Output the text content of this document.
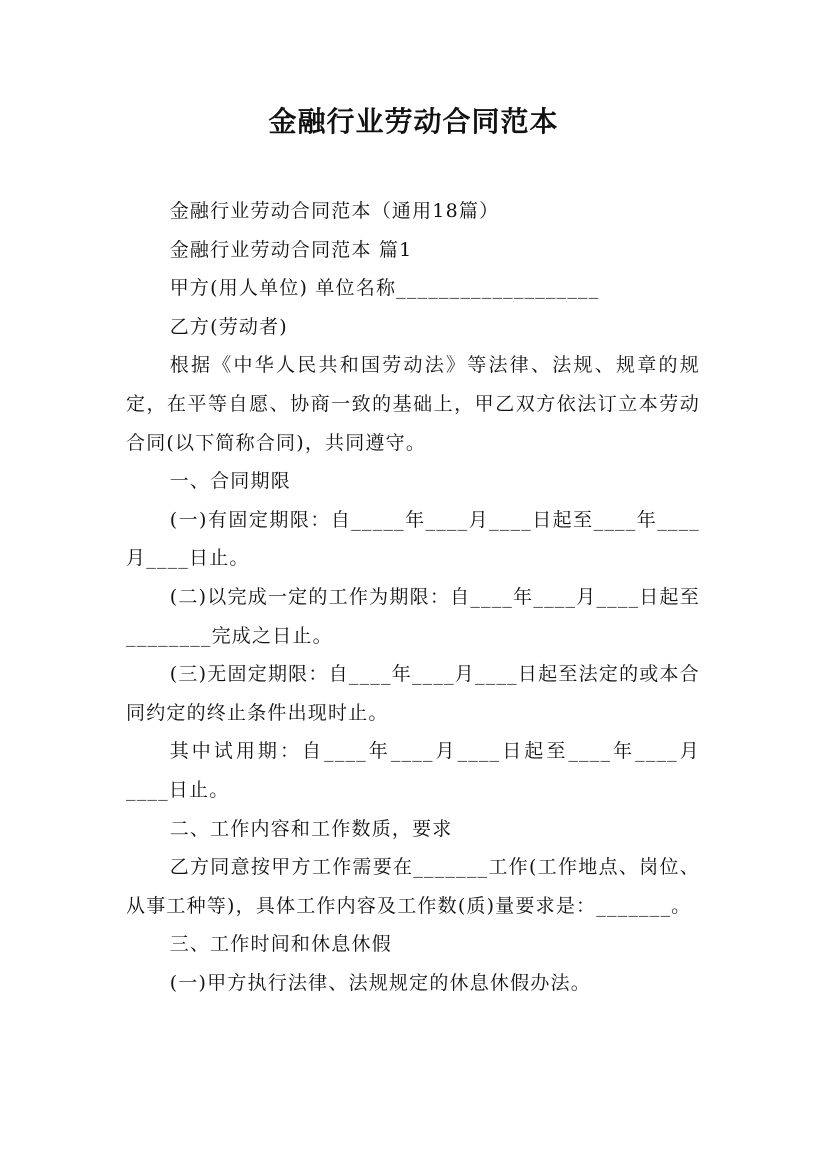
金融行业劳动合同范本

金融行业劳动合同范本（通用18篇）

金融行业劳动合同范本 篇1

甲方(用人单位) 单位名称___________________

乙方(劳动者)

根据《中华人民共和国劳动法》等法律、法规、规章的规定，在平等自愿、协商一致的基础上，甲乙双方依法订立本劳动合同(以下简称合同)，共同遵守。

一、合同期限

(一)有固定期限：自_____年____月____日起至____年____月____日止。

(二)以完成一定的工作为期限：自____年____月____日起至________完成之日止。

(三)无固定期限：自____年____月____日起至法定的或本合同约定的终止条件出现时止。

其中试用期：自____年____月____日起至____年____月____日止。

二、工作内容和工作数质，要求

乙方同意按甲方工作需要在_______工作(工作地点、岗位、从事工种等)，具体工作内容及工作数(质)量要求是：_______。

三、工作时间和休息休假

(一)甲方执行法律、法规规定的休息休假办法。
